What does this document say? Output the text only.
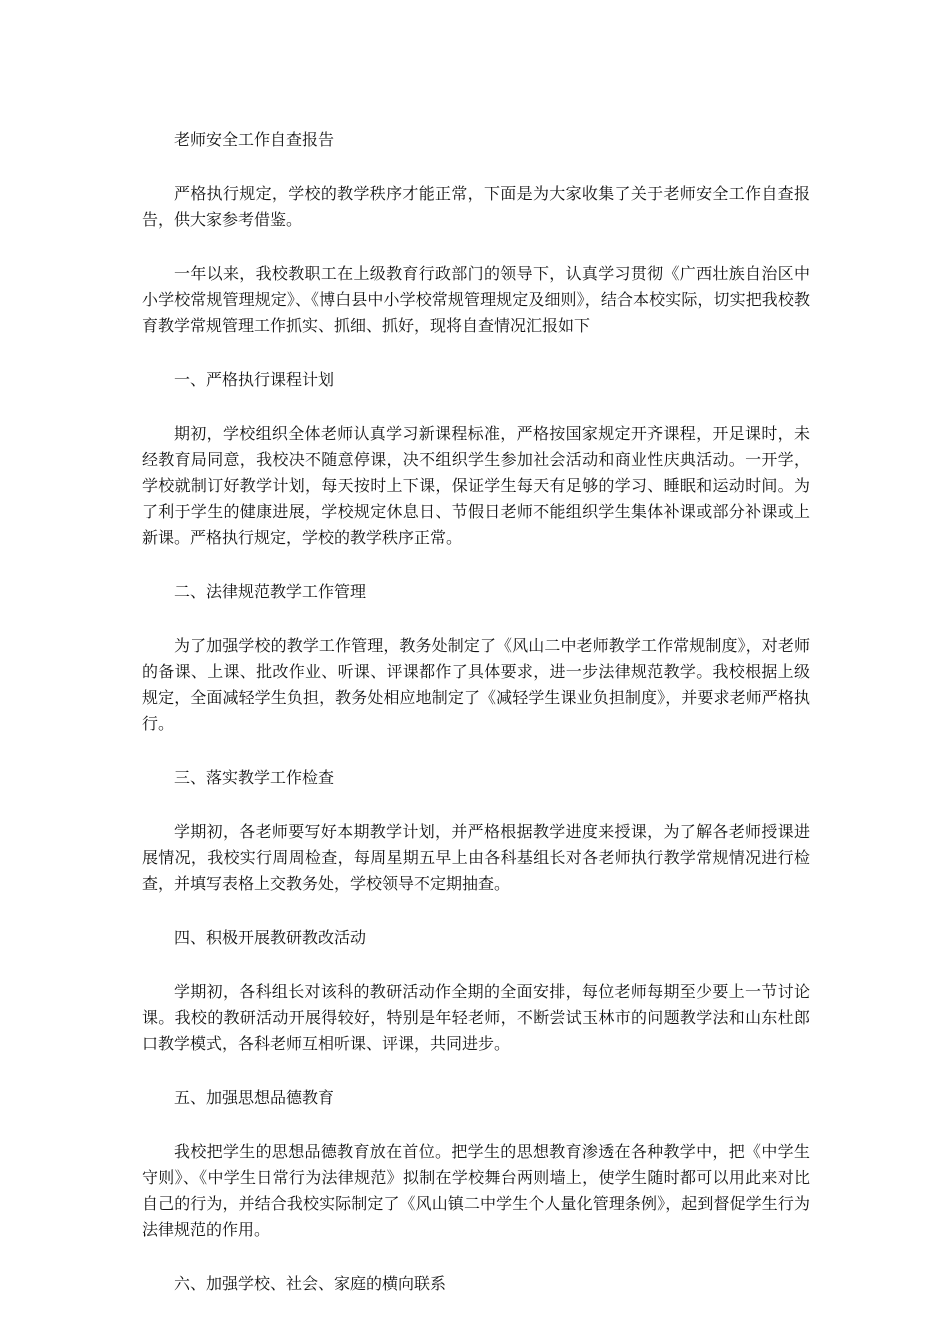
老师安全工作自查报告

严格执行规定，学校的教学秩序才能正常，下面是为大家收集了关于老师安全工作自查报告，供大家参考借鉴。

一年以来，我校教职工在上级教育行政部门的领导下，认真学习贯彻《广西壮族自治区中小学校常规管理规定》、《博白县中小学校常规管理规定及细则》，结合本校实际，切实把我校教育教学常规管理工作抓实、抓细、抓好，现将自查情况汇报如下

一、严格执行课程计划

期初，学校组织全体老师认真学习新课程标准，严格按国家规定开齐课程，开足课时，未经教育局同意，我校决不随意停课，决不组织学生参加社会活动和商业性庆典活动。一开学，学校就制订好教学计划，每天按时上下课，保证学生每天有足够的学习、睡眠和运动时间。为了利于学生的健康进展，学校规定休息日、节假日老师不能组织学生集体补课或部分补课或上新课。严格执行规定，学校的教学秩序正常。

二、法律规范教学工作管理

为了加强学校的教学工作管理，教务处制定了《风山二中老师教学工作常规制度》，对老师的备课、上课、批改作业、听课、评课都作了具体要求，进一步法律规范教学。我校根据上级规定，全面减轻学生负担，教务处相应地制定了《减轻学生课业负担制度》，并要求老师严格执行。

三、落实教学工作检查

学期初，各老师要写好本期教学计划，并严格根据教学进度来授课，为了解各老师授课进展情况，我校实行周周检查，每周星期五早上由各科基组长对各老师执行教学常规情况进行检查，并填写表格上交教务处，学校领导不定期抽查。

四、积极开展教研教改活动

学期初，各科组长对该科的教研活动作全期的全面安排，每位老师每期至少要上一节讨论课。我校的教研活动开展得较好，特别是年轻老师，不断尝试玉林市的问题教学法和山东杜郎口教学模式，各科老师互相听课、评课，共同进步。

五、加强思想品德教育

我校把学生的思想品德教育放在首位。把学生的思想教育渗透在各种教学中，把《中学生守则》、《中学生日常行为法律规范》拟制在学校舞台两则墙上，使学生随时都可以用此来对比自己的行为，并结合我校实际制定了《风山镇二中学生个人量化管理条例》，起到督促学生行为法律规范的作用。

六、加强学校、社会、家庭的横向联系
